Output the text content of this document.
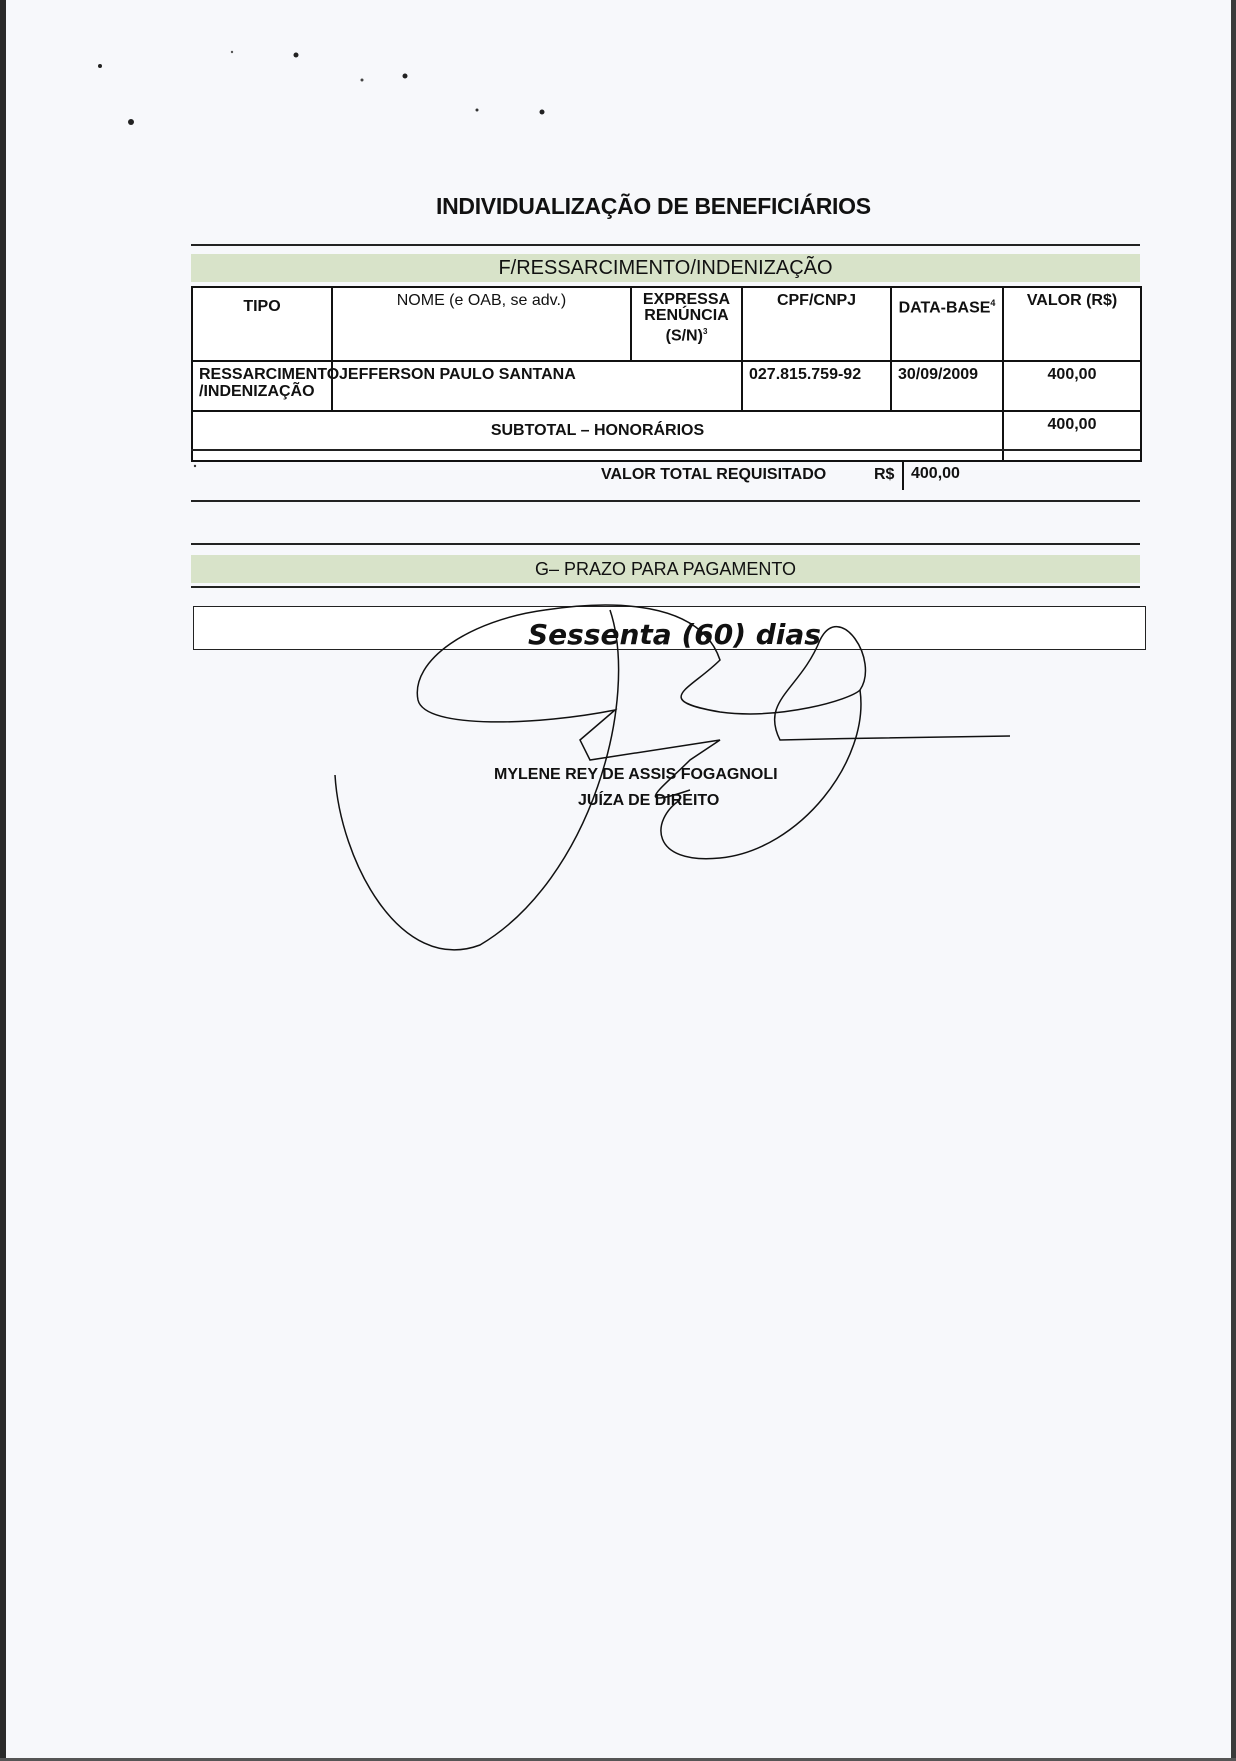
INDIVIDUALIZAÇÃO DE BENEFICIÁRIOS
F/RESSARCIMENTO/INDENIZAÇÃO
TIPO	NOME (e OAB, se adv.)	EXPRESSA
RENÚNCIA
$(S/N)^3$	CPF/CNPJ	DATA-BASE$^4$	VALOR (R$)

RESSARCIMENTO
/INDENIZAÇÃO	JEFFERSON PAULO SANTANA		027.815.759-92	30/09/2009	400,00
SUBTOTAL – HONORÁRIOS					400,00
VALOR TOTAL REQUISITADO	R$ 400,00
G– PRAZO PARA PAGAMENTO
Sessenta (60) dias
MYLENE REY DE ASSIS FOGAGNOLI
JUÍZA DE DIREITO
